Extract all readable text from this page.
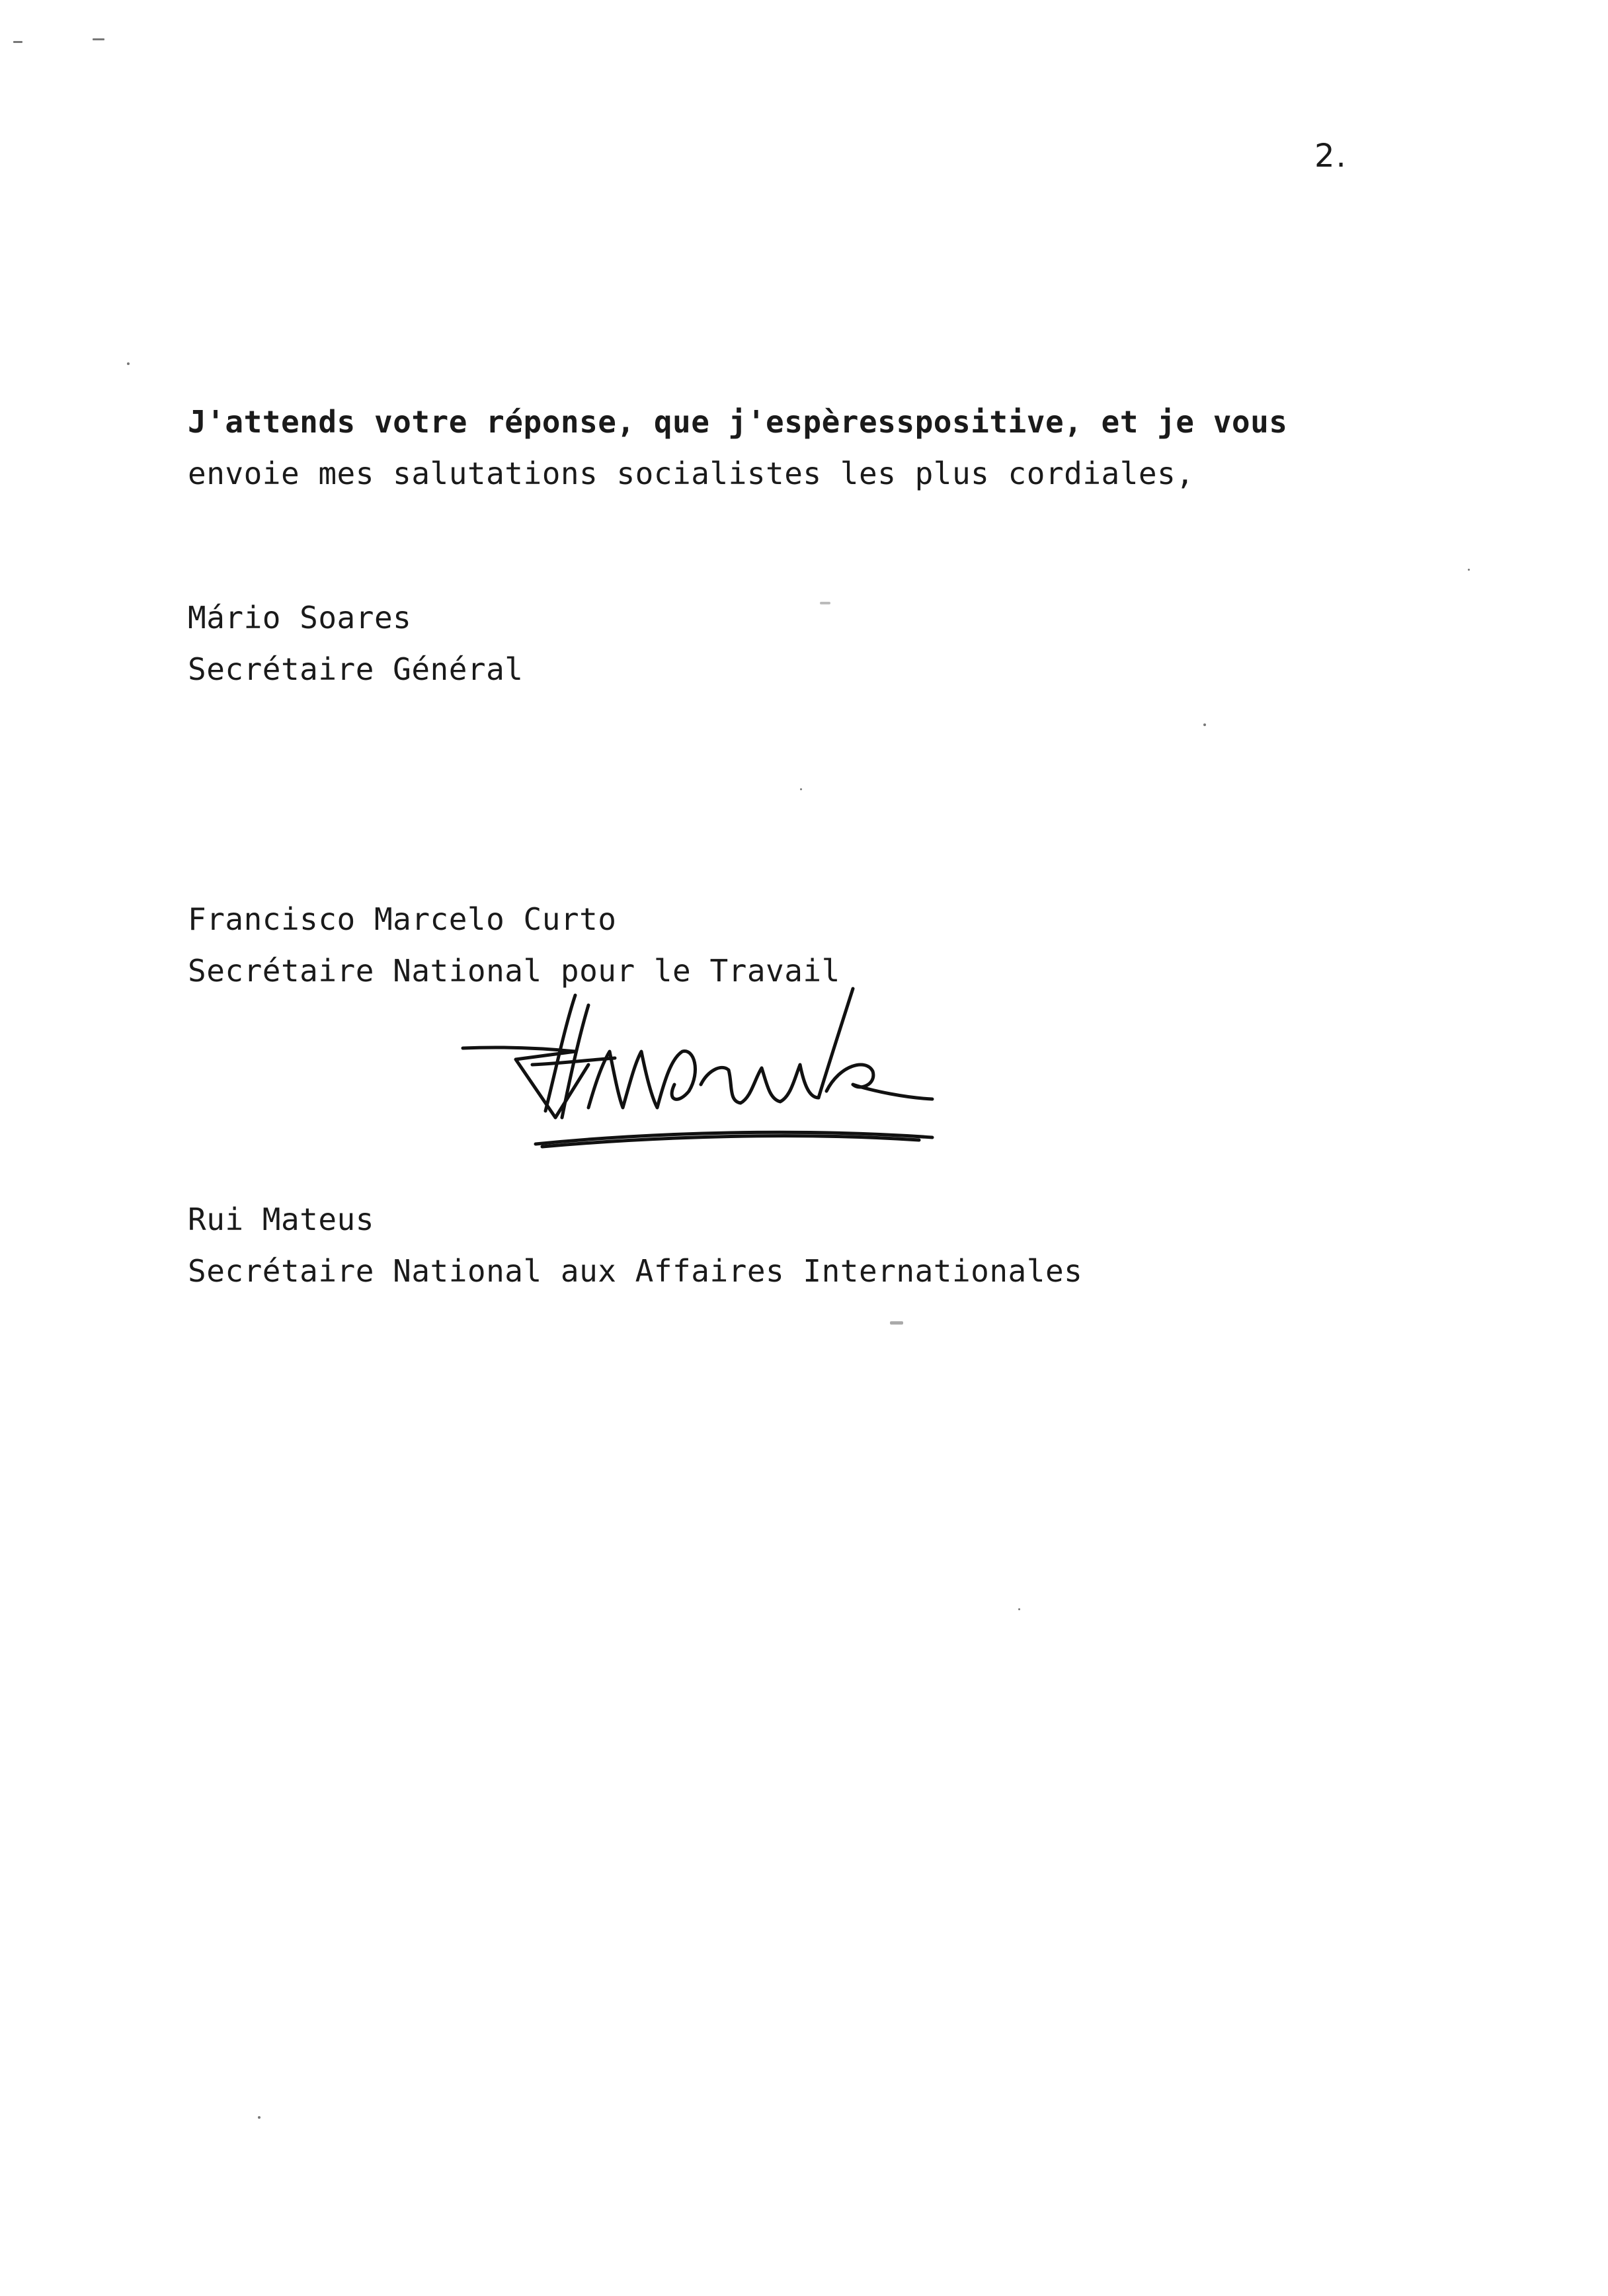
2.
J'attends votre réponse, que j'espèresspositive, et je vous
envoie mes salutations socialistes les plus cordiales,
Mário Soares
Secrétaire Général
Francisco Marcelo Curto
Secrétaire National pour le Travail
Rui Mateus
Secrétaire National aux Affaires Internationales
